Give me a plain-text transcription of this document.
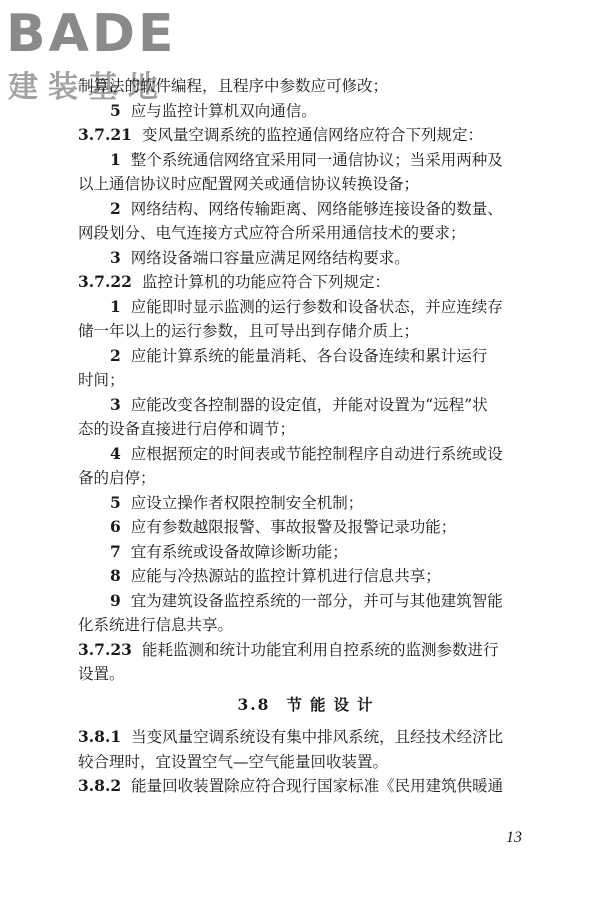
BADE
建装基地
制算法的软件编程，且程序中参数应可修改；
5 应与监控计算机双向通信。
3.7.21 变风量空调系统的监控通信网络应符合下列规定：
1 整个系统通信网络宜采用同一通信协议；当采用两种及
以上通信协议时应配置网关或通信协议转换设备；
2 网络结构、网络传输距离、网络能够连接设备的数量、
网段划分、电气连接方式应符合所采用通信技术的要求；
3 网络设备端口容量应满足网络结构要求。
3.7.22 监控计算机的功能应符合下列规定：
1 应能即时显示监测的运行参数和设备状态，并应连续存
储一年以上的运行参数，且可导出到存储介质上；
2 应能计算系统的能量消耗、各台设备连续和累计运行
时间；
3 应能改变各控制器的设定值，并能对设置为“远程”状
态的设备直接进行启停和调节；
4 应根据预定的时间表或节能控制程序自动进行系统或设
备的启停；
5 应设立操作者权限控制安全机制；
6 应有参数越限报警、事故报警及报警记录功能；
7 宜有系统或设备故障诊断功能；
8 应能与冷热源站的监控计算机进行信息共享；
9 宜为建筑设备监控系统的一部分，并可与其他建筑智能
化系统进行信息共享。
3.7.23 能耗监测和统计功能宜利用自控系统的监测参数进行
设置。
3.8 节能设计
3.8.1 当变风量空调系统设有集中排风系统，且经技术经济比
较合理时，宜设置空气—空气能量回收装置。
3.8.2 能量回收装置除应符合现行国家标准《民用建筑供暖通
13
